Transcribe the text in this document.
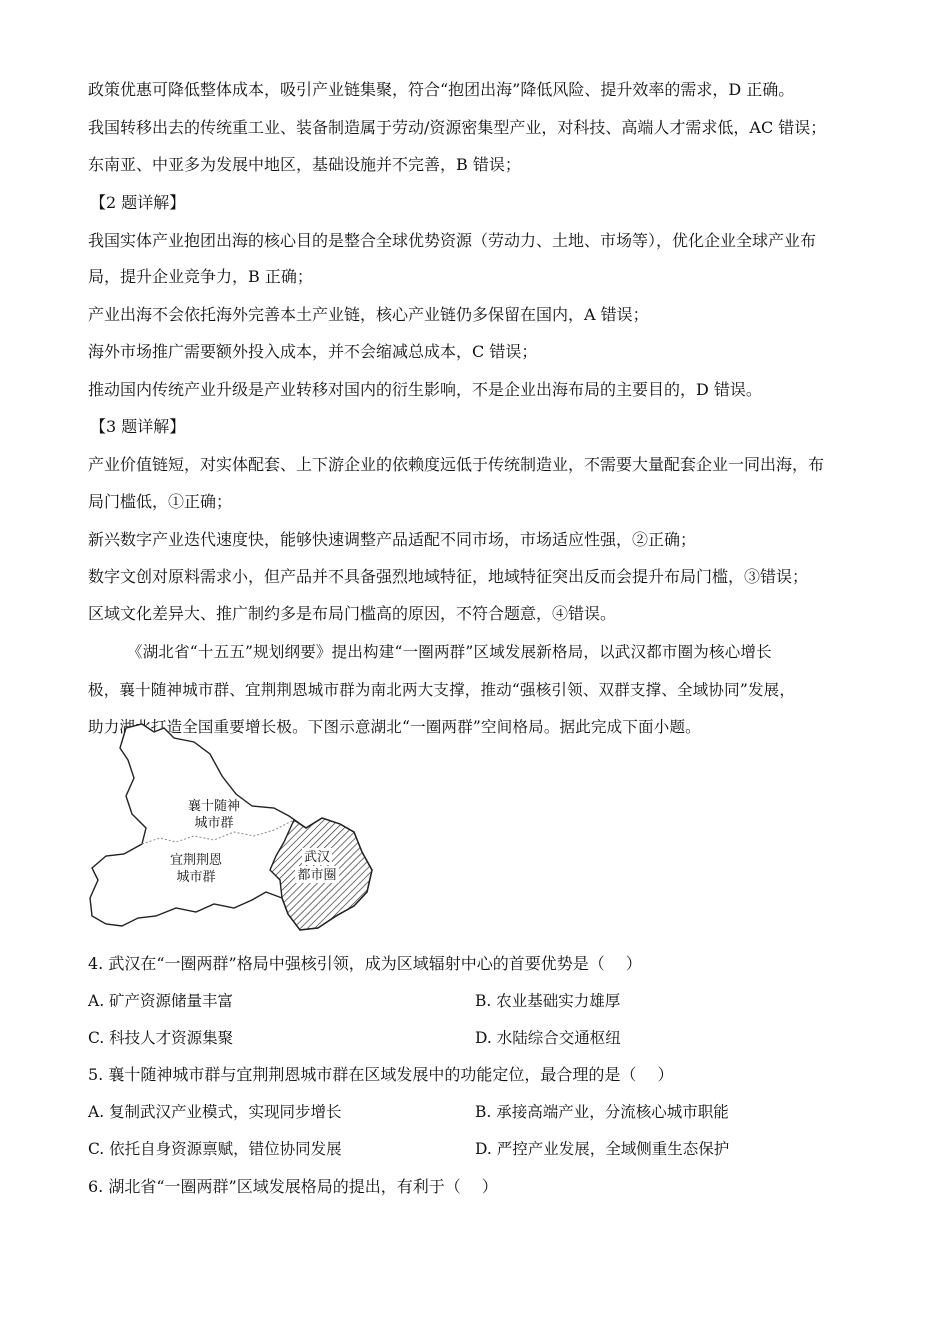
政策优惠可降低整体成本，吸引产业链集聚，符合“抱团出海”降低风险、提升效率的需求，D 正确。
我国转移出去的传统重工业、装备制造属于劳动/资源密集型产业，对科技、高端人才需求低，AC 错误；
东南亚、中亚多为发展中地区，基础设施并不完善，B 错误；
【2 题详解】
我国实体产业抱团出海的核心目的是整合全球优势资源（劳动力、土地、市场等），优化企业全球产业布
局，提升企业竞争力，B 正确；
产业出海不会依托海外完善本土产业链，核心产业链仍多保留在国内，A 错误；
海外市场推广需要额外投入成本，并不会缩减总成本，C 错误；
推动国内传统产业升级是产业转移对国内的衍生影响，不是企业出海布局的主要目的，D 错误。
【3 题详解】
产业价值链短，对实体配套、上下游企业的依赖度远低于传统制造业，不需要大量配套企业一同出海，布
局门槛低，①正确；
新兴数字产业迭代速度快，能够快速调整产品适配不同市场，市场适应性强，②正确；
数字文创对原料需求小，但产品并不具备强烈地域特征，地域特征突出反而会提升布局门槛，③错误；
区域文化差异大、推广制约多是布局门槛高的原因，不符合题意，④错误。
《湖北省“十五五”规划纲要》提出构建“一圈两群”区域发展新格局，以武汉都市圈为核心增长
极，襄十随神城市群、宜荆荆恩城市群为南北两大支撑，推动“强核引领、双群支撑、全域协同”发展，
助力湖北打造全国重要增长极。下图示意湖北“一圈两群”空间格局。据此完成下面小题。
襄十随神
城市群
宜荆荆恩
城市群
武汉
都市圈
4. 武汉在“一圈两群”格局中强核引领，成为区域辐射中心的首要优势是（　 ）
A. 矿产资源储量丰富	B. 农业基础实力雄厚
C. 科技人才资源集聚	D. 水陆综合交通枢纽
5. 襄十随神城市群与宜荆荆恩城市群在区域发展中的功能定位，最合理的是（　 ）
A. 复制武汉产业模式，实现同步增长	B. 承接高端产业，分流核心城市职能
C. 依托自身资源禀赋，错位协同发展	D. 严控产业发展，全域侧重生态保护
6. 湖北省“一圈两群”区域发展格局的提出，有利于（　 ）
